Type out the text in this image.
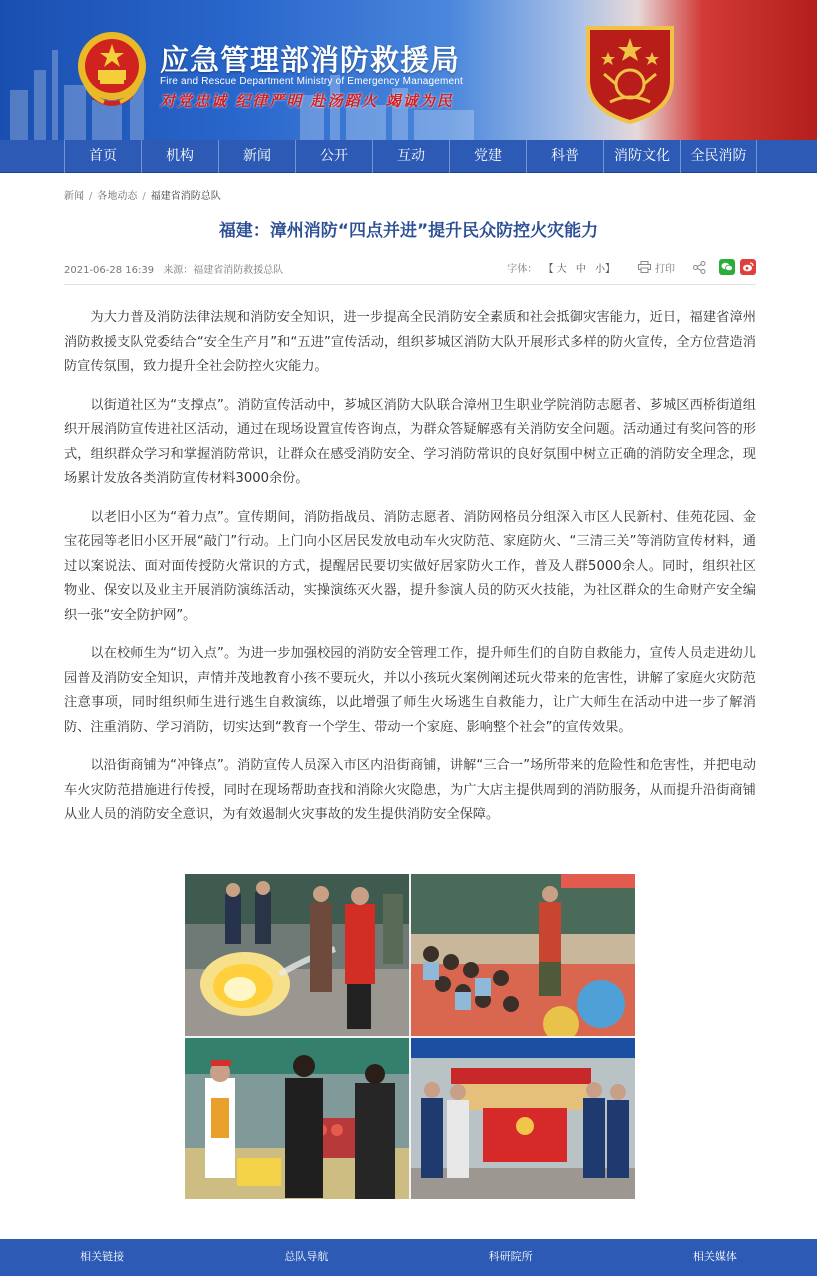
应急管理部消防救援局
Fire and Rescue Department Ministry of Emergency Management
对党忠诚 纪律严明 赴汤蹈火 竭诚为民
首页	机构	新闻	公开	互动	党建	科普	消防文化	全民消防
新闻 / 各地动态 / 福建省消防总队
福建：漳州消防“四点并进”提升民众防控火灾能力
2021-06-28 16:39 来源：福建省消防救援总队	字体： 【 大 中 小】	打印

为大力普及消防法律法规和消防安全知识，进一步提高全民消防安全素质和社会抵御灾害能力，近日，福建省漳州消防救援支队党委结合“安全生产月”和“五进”宣传活动，组织芗城区消防大队开展形式多样的防火宣传，全方位营造消防宣传氛围，致力提升全社会防控火灾能力。

以街道社区为“支撑点”。消防宣传活动中，芗城区消防大队联合漳州卫生职业学院消防志愿者、芗城区西桥街道组织开展消防宣传进社区活动，通过在现场设置宣传咨询点，为群众答疑解惑有关消防安全问题。活动通过有奖问答的形式，组织群众学习和掌握消防常识，让群众在感受消防安全、学习消防常识的良好氛围中树立正确的消防安全理念，现场累计发放各类消防宣传材料3000余份。

以老旧小区为“着力点”。宣传期间，消防指战员、消防志愿者、消防网格员分组深入市区人民新村、佳苑花园、金宝花园等老旧小区开展“敲门”行动。上门向小区居民发放电动车火灾防范、家庭防火、“三清三关”等消防宣传材料，通过以案说法、面对面传授防火常识的方式，提醒居民要切实做好居家防火工作，普及人群5000余人。同时，组织社区物业、保安以及业主开展消防演练活动，实操演练灭火器，提升参演人员的防灭火技能，为社区群众的生命财产安全编织一张“安全防护网”。

以在校师生为“切入点”。为进一步加强校园的消防安全管理工作，提升师生们的自防自救能力，宣传人员走进幼儿园普及消防安全知识，声情并茂地教育小孩不要玩火，并以小孩玩火案例阐述玩火带来的危害性，讲解了家庭火灾防范注意事项，同时组织师生进行逃生自救演练，以此增强了师生火场逃生自救能力，让广大师生在活动中进一步了解消防、注重消防、学习消防，切实达到“教育一个学生、带动一个家庭、影响整个社会”的宣传效果。

以沿街商铺为“冲锋点”。消防宣传人员深入市区内沿街商铺，讲解“三合一”场所带来的危险性和危害性，并把电动车火灾防范措施进行传授，同时在现场帮助查找和消除火灾隐患，为广大店主提供周到的消防服务，从而提升沿街商铺从业人员的消防安全意识，为有效遏制火灾事故的发生提供消防安全保障。

相关链接	总队导航	科研院所	相关媒体
